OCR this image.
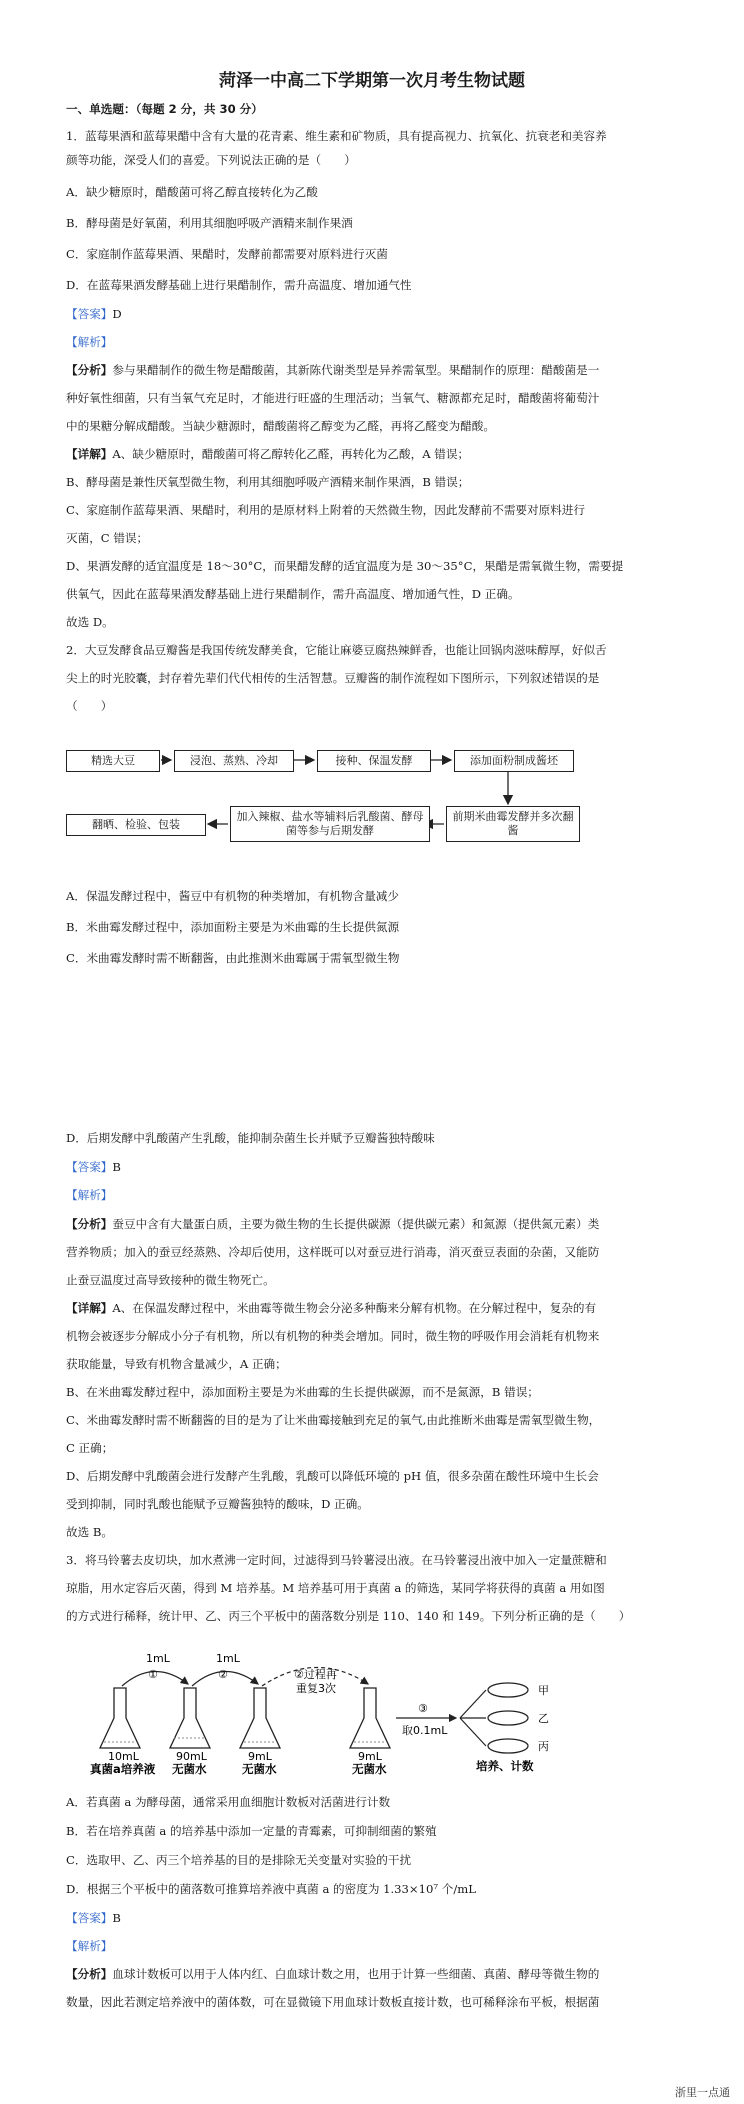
菏泽一中高二下学期第一次月考生物试题
一、单选题：（每题 2 分，共 30 分）
1．蓝莓果酒和蓝莓果醋中含有大量的花青素、维生素和矿物质，具有提高视力、抗氧化、抗衰老和美容养
颜等功能，深受人们的喜爱。下列说法正确的是（　　）
A．缺少糖原时，醋酸菌可将乙醇直接转化为乙酸
B．酵母菌是好氧菌，利用其细胞呼吸产酒精来制作果酒
C．家庭制作蓝莓果酒、果醋时，发酵前都需要对原料进行灭菌
D．在蓝莓果酒发酵基础上进行果醋制作，需升高温度、增加通气性
【答案】D
【解析】
【分析】参与果醋制作的微生物是醋酸菌，其新陈代谢类型是异养需氧型。果醋制作的原理：醋酸菌是一
种好氧性细菌，只有当氧气充足时，才能进行旺盛的生理活动；当氧气、糖源都充足时，醋酸菌将葡萄汁
中的果糖分解成醋酸。当缺少糖源时，醋酸菌将乙醇变为乙醛，再将乙醛变为醋酸。
【详解】A、缺少糖原时，醋酸菌可将乙醇转化乙醛，再转化为乙酸，A 错误；
B、酵母菌是兼性厌氧型微生物，利用其细胞呼吸产酒精来制作果酒，B 错误；
C、家庭制作蓝莓果酒、果醋时，利用的是原材料上附着的天然微生物，因此发酵前不需要对原料进行
灭菌，C 错误；
D、果酒发酵的适宜温度是 18～30°C，而果醋发酵的适宜温度为是 30～35°C，果醋是需氧微生物，需要提
供氧气，因此在蓝莓果酒发酵基础上进行果醋制作，需升高温度、增加通气性，D 正确。
故选 D。
2．大豆发酵食品豆瓣酱是我国传统发酵美食，它能让麻婆豆腐热辣鲜香，也能让回锅肉滋味醇厚，好似舌
尖上的时光胶囊，封存着先辈们代代相传的生活智慧。豆瓣酱的制作流程如下图所示，下列叙述错误的是
（　　）
精选大豆	浸泡、蒸熟、冷却	接种、保温发酵	添加面粉制成酱坯
前期米曲霉发酵并多次翻酱
加入辣椒、盐水等辅料后乳酸菌、酵母菌等参与后期发酵
翻晒、检验、包装
A．保温发酵过程中，酱豆中有机物的种类增加，有机物含量减少
B．米曲霉发酵过程中，添加面粉主要是为米曲霉的生长提供氮源
C．米曲霉发酵时需不断翻酱，由此推测米曲霉属于需氧型微生物
D．后期发酵中乳酸菌产生乳酸，能抑制杂菌生长并赋予豆瓣酱独特酸味
【答案】B
【解析】
【分析】蚕豆中含有大量蛋白质，主要为微生物的生长提供碳源（提供碳元素）和氮源（提供氮元素）类
营养物质；加入的蚕豆经蒸熟、冷却后使用，这样既可以对蚕豆进行消毒，消灭蚕豆表面的杂菌，又能防
止蚕豆温度过高导致接种的微生物死亡。
【详解】A、在保温发酵过程中，米曲霉等微生物会分泌多种酶来分解有机物。在分解过程中，复杂的有
机物会被逐步分解成小分子有机物，所以有机物的种类会增加。同时，微生物的呼吸作用会消耗有机物来
获取能量，导致有机物含量减少，A 正确；
B、在米曲霉发酵过程中，添加面粉主要是为米曲霉的生长提供碳源，而不是氮源，B 错误；
C、米曲霉发酵时需不断翻酱的目的是为了让米曲霉接触到充足的氧气,由此推断米曲霉是需氧型微生物，
C 正确；
D、后期发酵中乳酸菌会进行发酵产生乳酸，乳酸可以降低环境的 pH 值，很多杂菌在酸性环境中生长会
受到抑制，同时乳酸也能赋予豆瓣酱独特的酸味，D 正确。
故选 B。
3．将马铃薯去皮切块，加水煮沸一定时间，过滤得到马铃薯浸出液。在马铃薯浸出液中加入一定量蔗糖和
琼脂，用水定容后灭菌，得到 M 培养基。M 培养基可用于真菌 a 的筛选，某同学将获得的真菌 a 用如图
的方式进行稀释，统计甲、乙、丙三个平板中的菌落数分别是 110、140 和 149。下列分析正确的是（　　）
1mL	1mL
①	②	②过程再
重复3次
③
取0.1mL
10mL	90mL	9mL	9mL
真菌a培养液 无菌水	无菌水	无菌水
甲
乙
丙
培养、计数
A．若真菌 a 为酵母菌，通常采用血细胞计数板对活菌进行计数
B．若在培养真菌 a 的培养基中添加一定量的青霉素，可抑制细菌的繁殖
C．选取甲、乙、丙三个培养基的目的是排除无关变量对实验的干扰
D．根据三个平板中的菌落数可推算培养液中真菌 a 的密度为 1.33×10⁷ 个/mL
【答案】B
【解析】
【分析】血球计数板可以用于人体内红、白血球计数之用，也用于计算一些细菌、真菌、酵母等微生物的
数量，因此若测定培养液中的菌体数，可在显微镜下用血球计数板直接计数，也可稀释涂布平板，根据菌
浙里一点通
